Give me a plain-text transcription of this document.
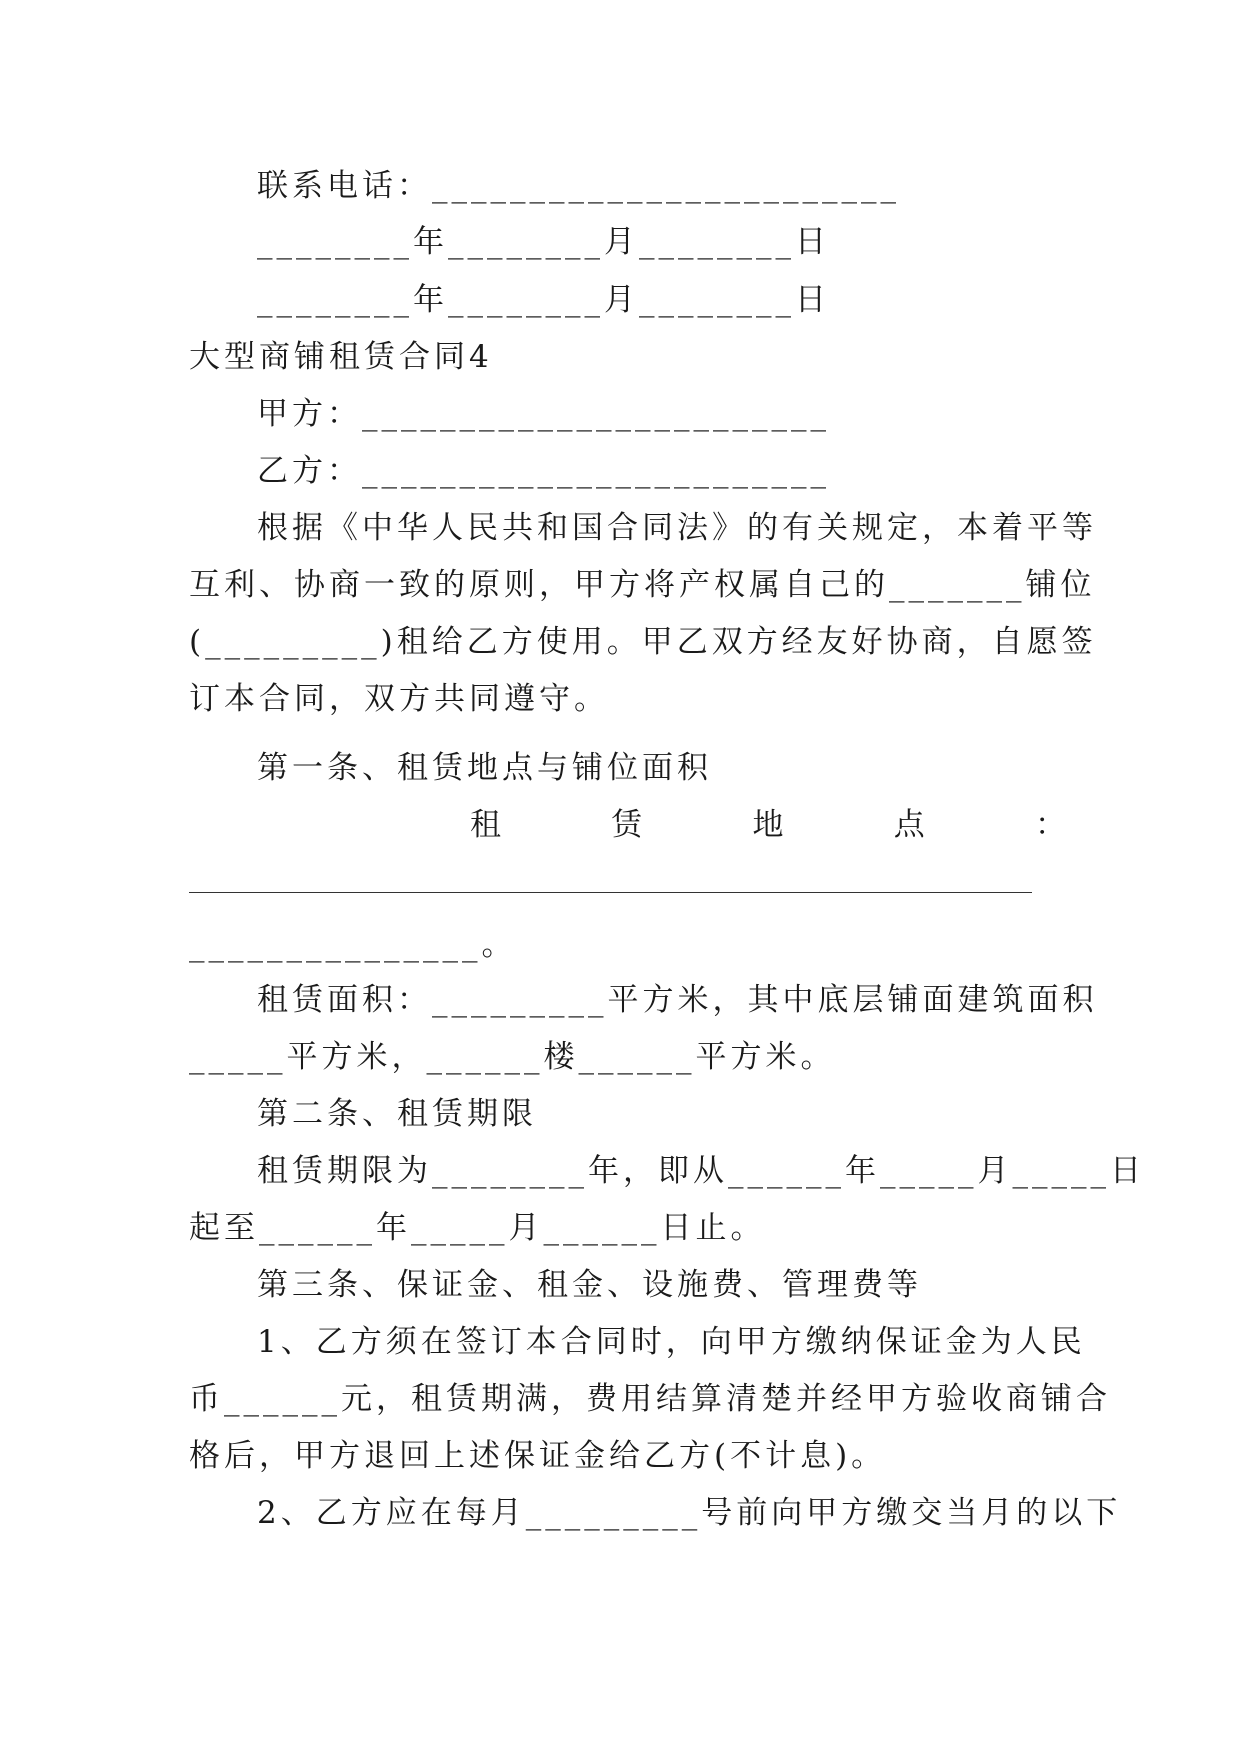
联系电话：________________________
________年________月________日
________年________月________日
大型商铺租赁合同4
甲方：________________________
乙方：________________________
根据《中华人民共和国合同法》的有关规定，本着平等
互利、协商一致的原则，甲方将产权属自己的_______铺位
(_________)租给乙方使用。甲乙双方经友好协商，自愿签
订本合同，双方共同遵守。
第一条、租赁地点与铺位面积
租	赁	地	点	：
_______________。
租赁面积：_________平方米，其中底层铺面建筑面积
_____平方米，______楼______平方米。
第二条、租赁期限
租赁期限为________年，即从______年_____月_____日
起至______年_____月______日止。
第三条、保证金、租金、设施费、管理费等
1、乙方须在签订本合同时，向甲方缴纳保证金为人民
币______元，租赁期满，费用结算清楚并经甲方验收商铺合
格后，甲方退回上述保证金给乙方(不计息)。
2、乙方应在每月_________号前向甲方缴交当月的以下
